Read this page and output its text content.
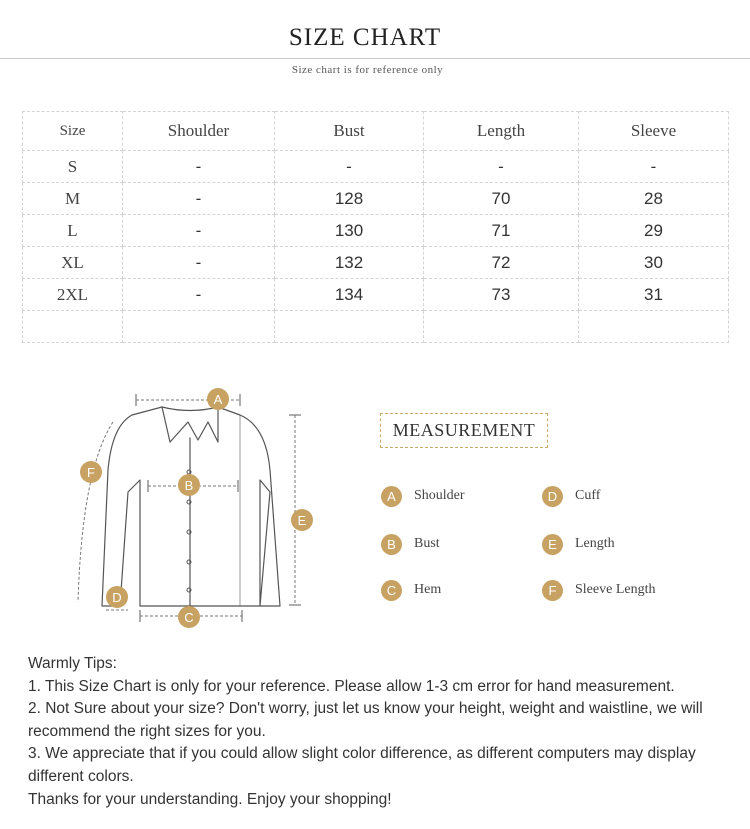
SIZE CHART
Size chart is for reference only
Size	Shoulder	Bust	Length	Sleeve
S	-	-	-	-
M	-	128	70	28
L	-	130	71	29
XL	-	132	72	30
2XL	-	134	73	31

A
B
C
D
E
F
MEASUREMENT
A	Shoulder
B	Bust
C	Hem
D	Cuff
E	Length
F	Sleeve Length

Warmly Tips:

1. This Size Chart is only for your reference. Please allow 1-3 cm error for hand measurement.

2. Not Sure about your size? Don't worry, just let us know your height, weight and waistline, we will recommend the right sizes for you.

3. We appreciate that if you could allow slight color difference, as different computers may display different colors.

Thanks for your understanding. Enjoy your shopping!
